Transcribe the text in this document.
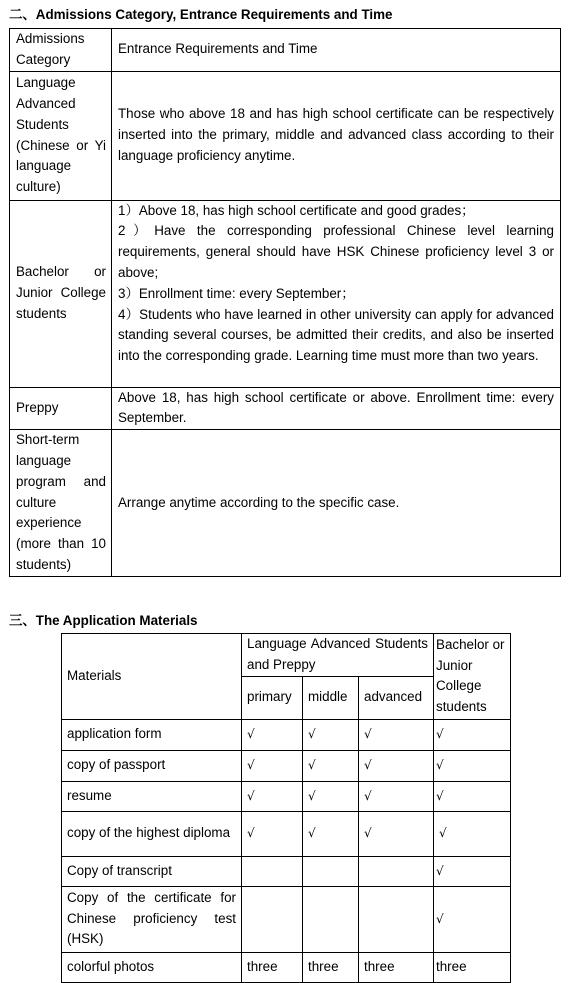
二、Admissions Category, Entrance Requirements and Time
Admissions Category	Entrance Requirements and Time
Language Advanced Students (Chinese or Yi language culture)	Those who above 18 and has high school certificate can be respectively inserted into the primary, middle and advanced class according to their language proficiency anytime.
Bachelor or Junior College students	1）Above 18, has high school certificate and good grades；
2）Have the corresponding professional Chinese level learning requirements, general should have HSK Chinese proficiency level 3 or above;
3）Enrollment time: every September；
4）Students who have learned in other university can apply for advanced standing several courses, be admitted their credits, and also be inserted into the corresponding grade. Learning time must more than two years.

Preppy	Above 18, has high school certificate or above. Enrollment time: every September.
Short-term language program and culture experience (more than 10 students)	Arrange anytime according to the specific case.
三、The Application Materials
Materials	Language Advanced Students and Preppy			Bachelor or Junior College students
	primary	middle	advanced	
application form	√	√	√	√
copy of passport	√	√	√	√
resume	√	√	√	√
copy of the highest diploma	√	√	√	√
Copy of transcript				√
Copy of the certificate for Chinese proficiency test (HSK)				√
colorful photos	three	three	three	three
